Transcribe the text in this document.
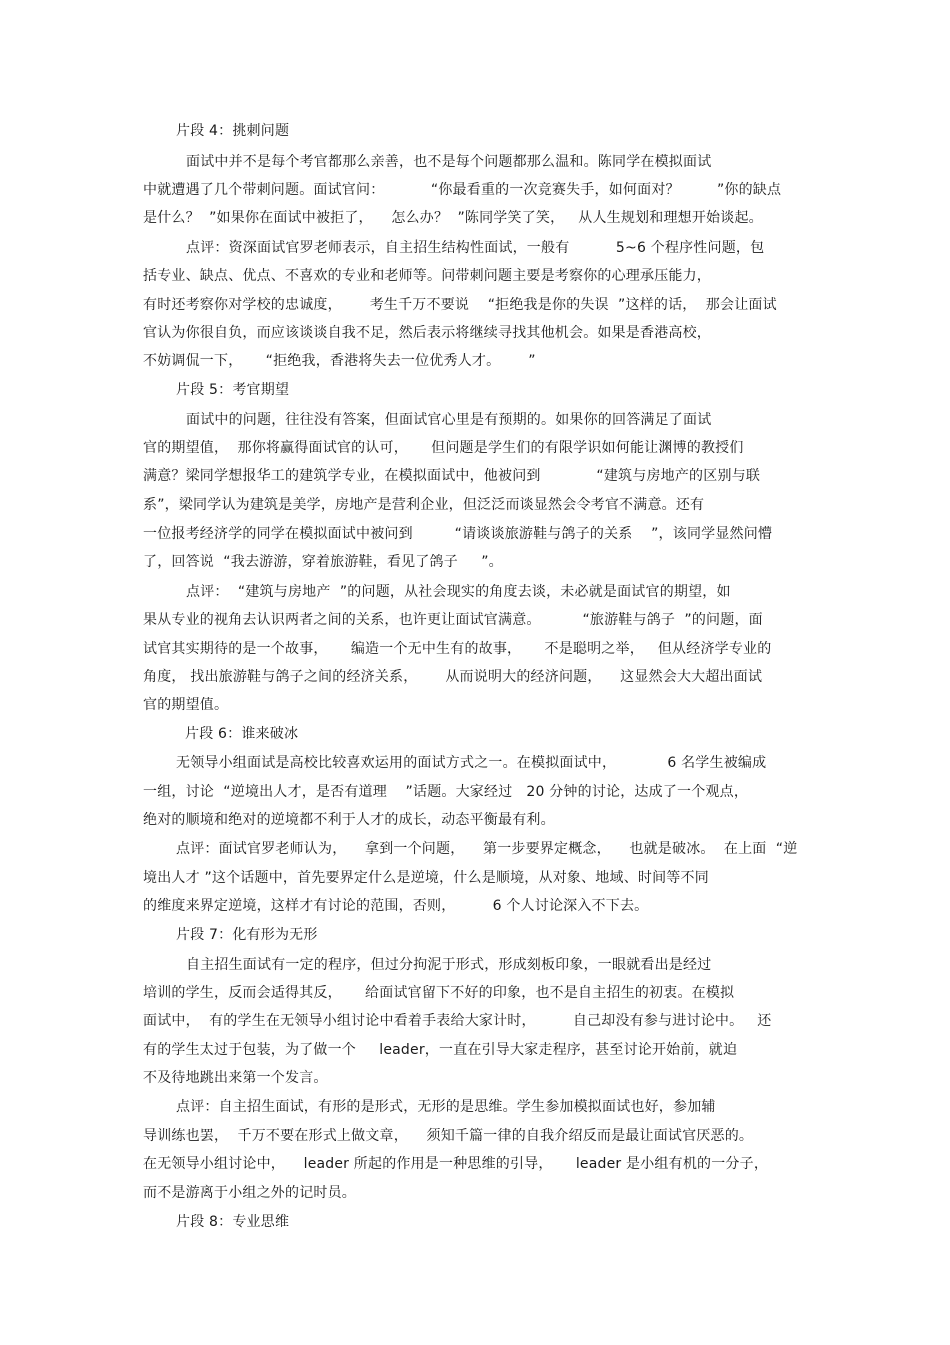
片段 4：挑刺问题
面试中并不是每个考官都那么亲善，也不是每个问题都那么温和。陈同学在模拟面试
中就遭遇了几个带刺问题。面试官问：          “你最看重的一次竞赛失手，如何面对？        ”你的缺点
是什么？  ”如果你在面试中被拒了，    怎么办？  ”陈同学笑了笑，   从人生规划和理想开始谈起。
点评：资深面试官罗老师表示，自主招生结构性面试，一般有          5~6 个程序性问题，包
括专业、缺点、优点、不喜欢的专业和老师等。问带刺问题主要是考察你的心理承压能力，
有时还考察你对学校的忠诚度，      考生千万不要说    “拒绝我是你的失误  ”这样的话，  那会让面试
官认为你很自负，而应该谈谈自我不足，然后表示将继续寻找其他机会。如果是香港高校，
不妨调侃一下，     “拒绝我，香港将失去一位优秀人才。      ”
片段 5：考官期望
面试中的问题，往往没有答案，但面试官心里是有预期的。如果你的回答满足了面试
官的期望值，  那你将赢得面试官的认可，     但问题是学生们的有限学识如何能让渊博的教授们
满意？梁同学想报华工的建筑学专业，在模拟面试中，他被问到            “建筑与房地产的区别与联
系”，梁同学认为建筑是美学，房地产是营利企业，但泛泛而谈显然会令考官不满意。还有
一位报考经济学的同学在模拟面试中被问到         “请谈谈旅游鞋与鸽子的关系    ”，该同学显然问懵
了，回答说  “我去游游，穿着旅游鞋，看见了鸽子     ”。
点评：  “建筑与房地产  ”的问题，从社会现实的角度去谈，未必就是面试官的期望，如
果从专业的视角去认识两者之间的关系，也许更让面试官满意。         “旅游鞋与鸽子  ”的问题，面
试官其实期待的是一个故事，     编造一个无中生有的故事，     不是聪明之举，   但从经济学专业的
角度， 找出旅游鞋与鸽子之间的经济关系，      从而说明大的经济问题，    这显然会大大超出面试
官的期望值。
片段 6：谁来破冰
无领导小组面试是高校比较喜欢运用的面试方式之一。在模拟面试中，           6 名学生被编成
一组，讨论  “逆境出人才，是否有道理    ”话题。大家经过   20 分钟的讨论，达成了一个观点，
绝对的顺境和绝对的逆境都不利于人才的成长，动态平衡最有利。
点评：面试官罗老师认为，    拿到一个问题，    第一步要界定概念，    也就是破冰。  在上面  “逆
境出人才 ”这个话题中，首先要界定什么是逆境，什么是顺境，从对象、地域、时间等不同
的维度来界定逆境，这样才有讨论的范围，否则，        6 个人讨论深入不下去。
片段 7：化有形为无形
自主招生面试有一定的程序，但过分拘泥于形式，形成刻板印象，一眼就看出是经过
培训的学生，反而会适得其反，     给面试官留下不好的印象，也不是自主招生的初衷。在模拟
面试中，  有的学生在无领导小组讨论中看着手表给大家计时，        自己却没有参与进讨论中。   还
有的学生太过于包装，为了做一个     leader，一直在引导大家走程序，甚至讨论开始前，就迫
不及待地跳出来第一个发言。
点评：自主招生面试，有形的是形式，无形的是思维。学生参加模拟面试也好，参加辅
导训练也罢，  千万不要在形式上做文章，    须知千篇一律的自我介绍反而是最让面试官厌恶的。
在无领导小组讨论中，    leader 所起的作用是一种思维的引导，     leader 是小组有机的一分子，
而不是游离于小组之外的记时员。
片段 8：专业思维
